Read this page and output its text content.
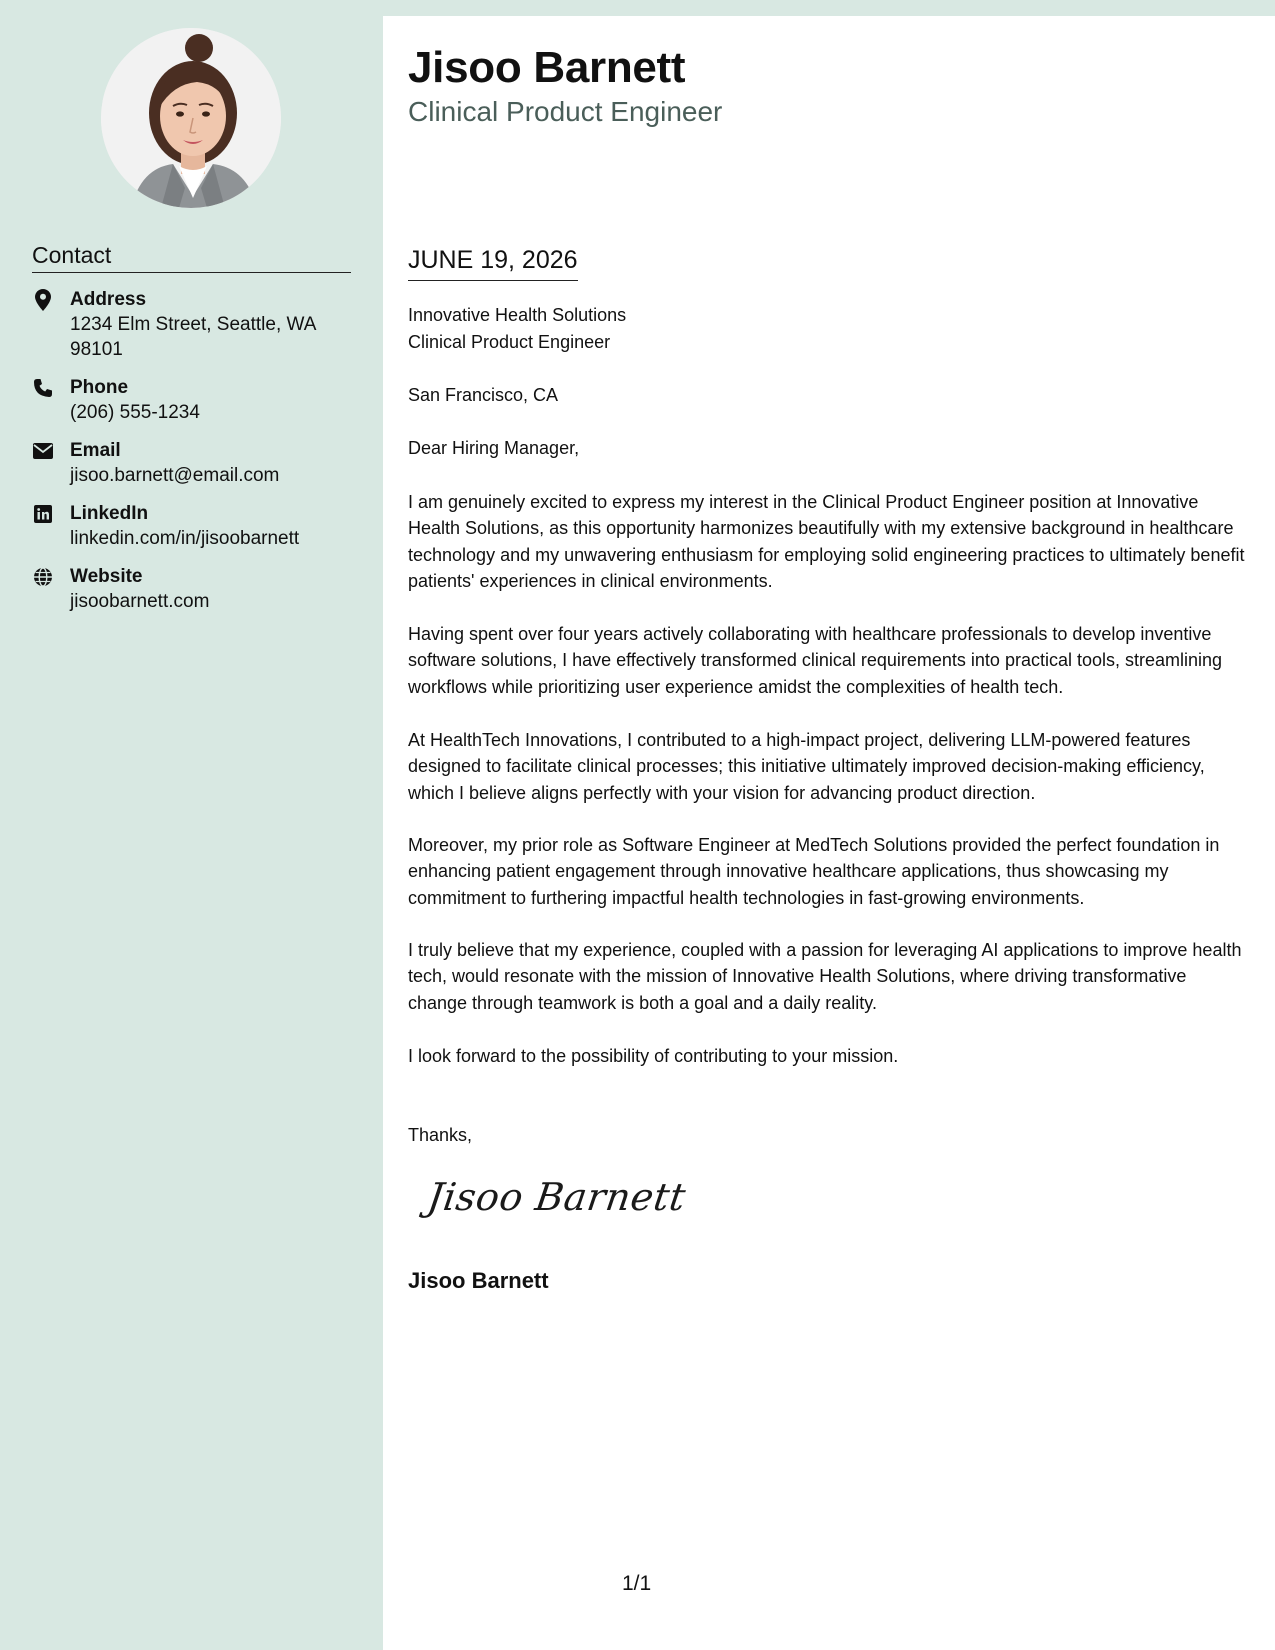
Contact
Address
1234 Elm Street, Seattle, WA 98101
Phone
(206) 555-1234
Email
jisoo.barnett@email.com
LinkedIn
linkedin.com/in/jisoobarnett
Website
jisoobarnett.com
Jisoo Barnett
Clinical Product Engineer
JUNE 19, 2026
Innovative Health Solutions
Clinical Product Engineer
San Francisco, CA
Dear Hiring Manager,
I am genuinely excited to express my interest in the Clinical Product Engineer position at Innovative Health Solutions, as this opportunity harmonizes beautifully with my extensive background in healthcare technology and my unwavering enthusiasm for employing solid engineering practices to ultimately benefit patients' experiences in clinical environments.
Having spent over four years actively collaborating with healthcare professionals to develop inventive software solutions, I have effectively transformed clinical requirements into practical tools, streamlining workflows while prioritizing user experience amidst the complexities of health tech.
At HealthTech Innovations, I contributed to a high-impact project, delivering LLM-powered features designed to facilitate clinical processes; this initiative ultimately improved decision-making efficiency, which I believe aligns perfectly with your vision for advancing product direction.
Moreover, my prior role as Software Engineer at MedTech Solutions provided the perfect foundation in enhancing patient engagement through innovative healthcare applications, thus showcasing my commitment to furthering impactful health technologies in fast-growing environments.
I truly believe that my experience, coupled with a passion for leveraging AI applications to improve health tech, would resonate with the mission of Innovative Health Solutions, where driving transformative change through teamwork is both a goal and a daily reality.
I look forward to the possibility of contributing to your mission.
Thanks,
Jisoo Barnett
Jisoo Barnett
1/1
